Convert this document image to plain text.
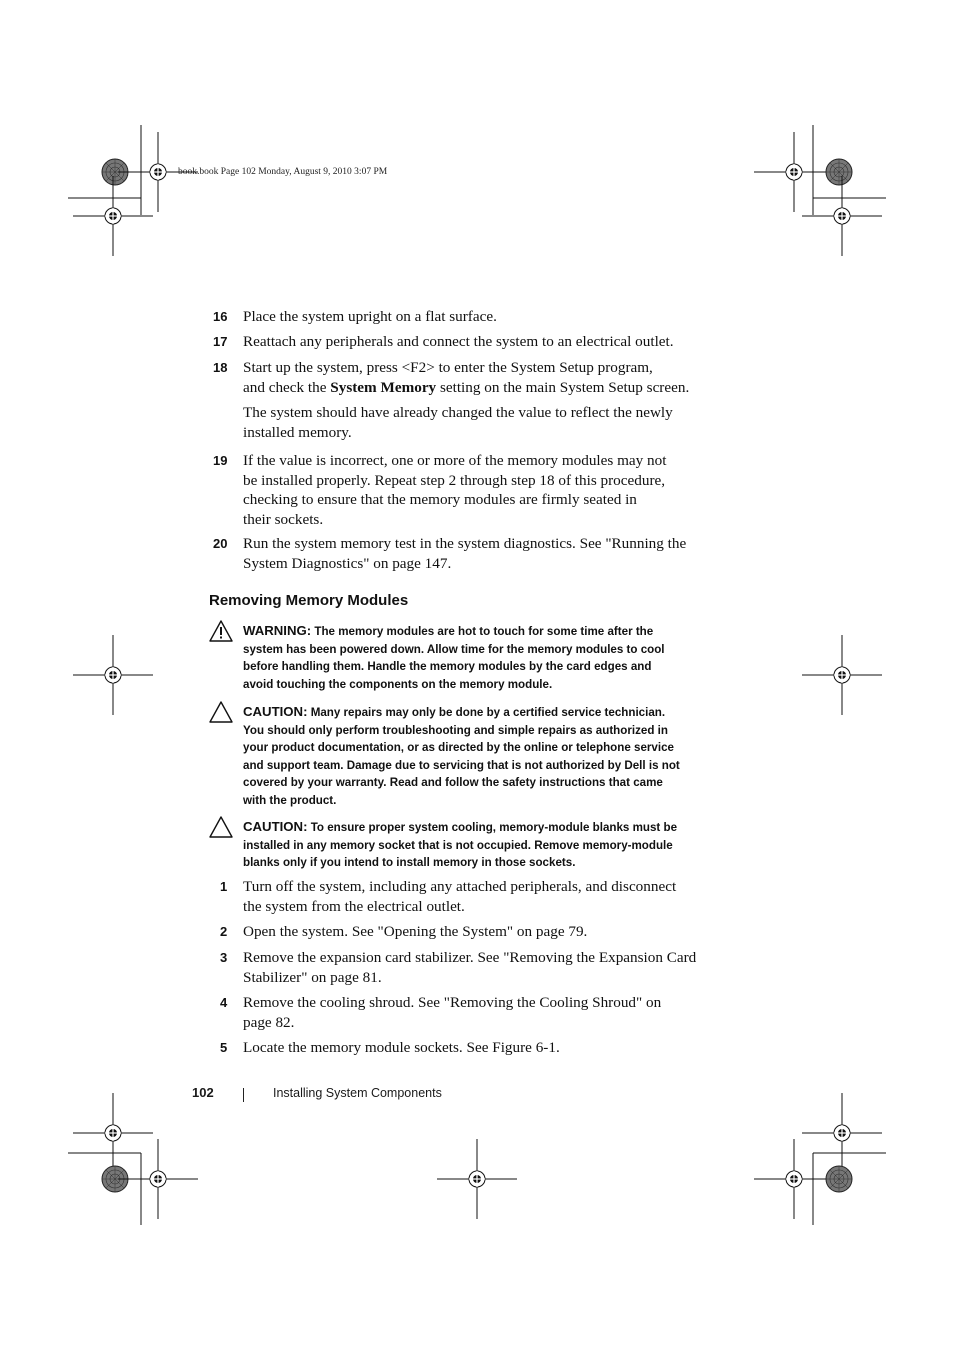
book.book Page 102 Monday, August 9, 2010 3:07 PM
16 Place the system upright on a flat surface.
17 Reattach any peripherals and connect the system to an electrical outlet.
18 Start up the system, press <F2> to enter the System Setup program,
and check the System Memory setting on the main System Setup screen.
The system should have already changed the value to reflect the newly
installed memory.
19 If the value is incorrect, one or more of the memory modules may not
be installed properly. Repeat step 2 through step 18 of this procedure,
checking to ensure that the memory modules are firmly seated in
their sockets.
20 Run the system memory test in the system diagnostics. See "Running the
System Diagnostics" on page 147.
Removing Memory Modules
WARNING: The memory modules are hot to touch for some time after the
system has been powered down. Allow time for the memory modules to cool
before handling them. Handle the memory modules by the card edges and
avoid touching the components on the memory module.
CAUTION: Many repairs may only be done by a certified service technician.
You should only perform troubleshooting and simple repairs as authorized in
your product documentation, or as directed by the online or telephone service
and support team. Damage due to servicing that is not authorized by Dell is not
covered by your warranty. Read and follow the safety instructions that came
with the product.
CAUTION: To ensure proper system cooling, memory-module blanks must be
installed in any memory socket that is not occupied. Remove memory-module
blanks only if you intend to install memory in those sockets.
1 Turn off the system, including any attached peripherals, and disconnect
the system from the electrical outlet.
2 Open the system. See "Opening the System" on page 79.
3 Remove the expansion card stabilizer. See "Removing the Expansion Card
Stabilizer" on page 81.
4 Remove the cooling shroud. See "Removing the Cooling Shroud" on
page 82.
5 Locate the memory module sockets. See Figure 6-1.
102	Installing System Components
